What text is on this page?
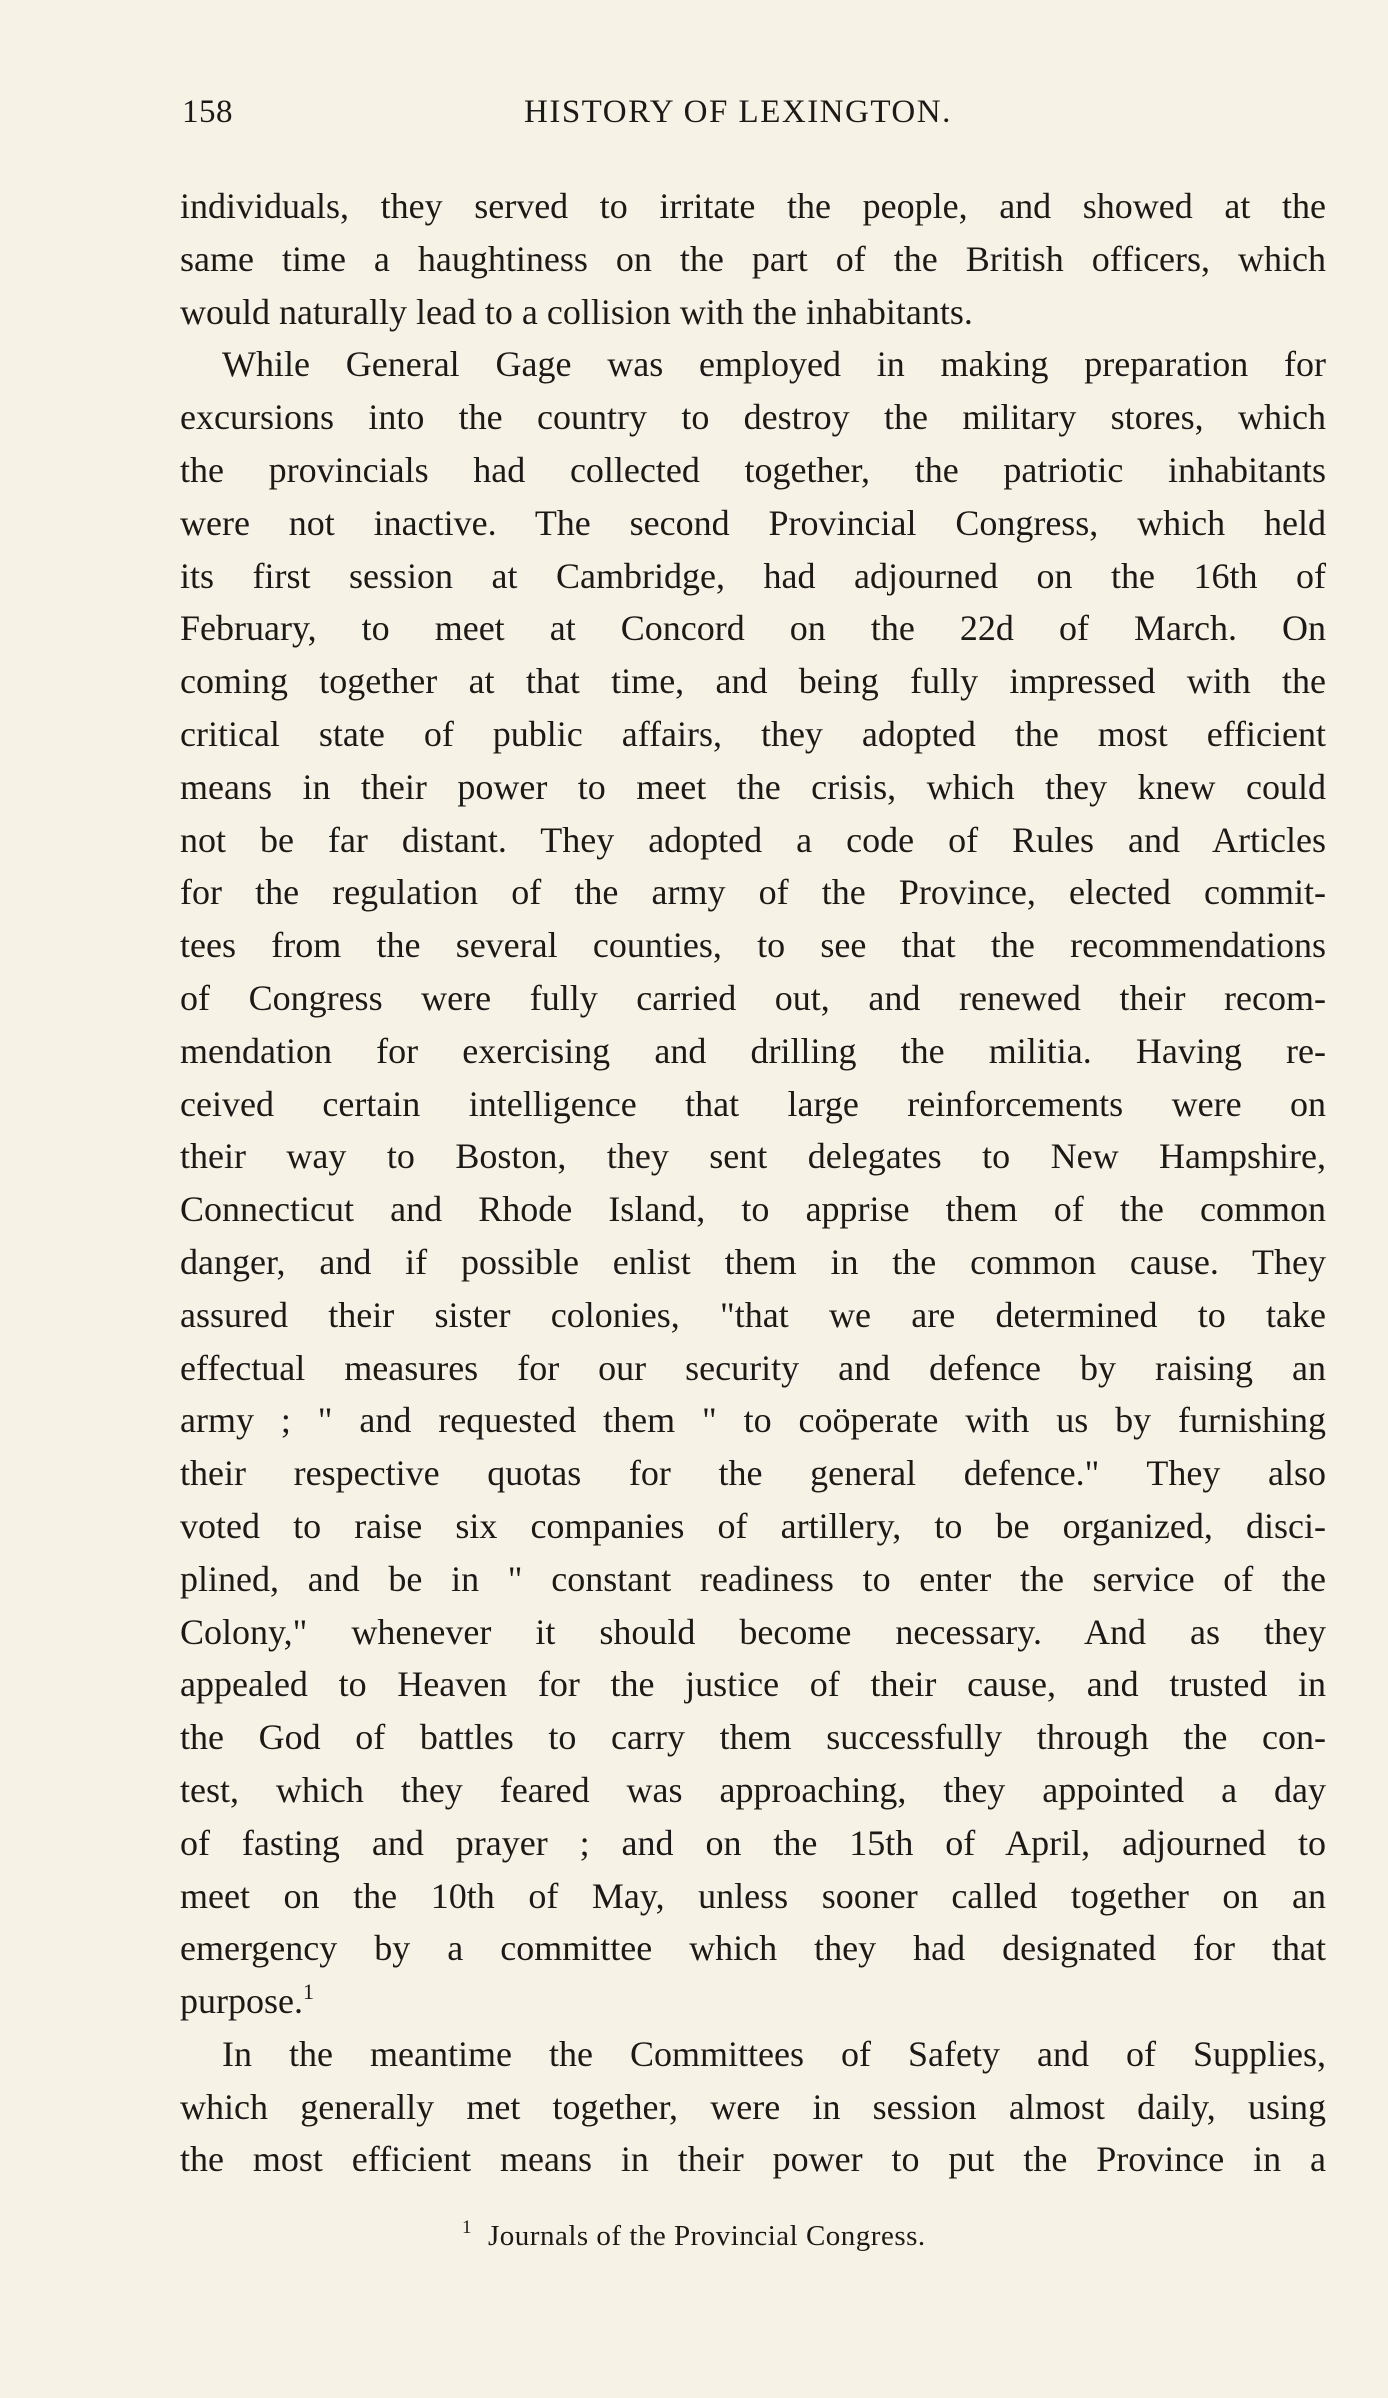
158	HISTORY OF LEXINGTON.
individuals, they served to irritate the people, and showed at the
same time a haughtiness on the part of the British officers, which
would naturally lead to a collision with the inhabitants.
While General Gage was employed in making preparation for
excursions into the country to destroy the military stores, which
the provincials had collected together, the patriotic inhabitants
were not inactive. The second Provincial Congress, which held
its first session at Cambridge, had adjourned on the 16th of
February, to meet at Concord on the 22d of March. On
coming together at that time, and being fully impressed with the
critical state of public affairs, they adopted the most efficient
means in their power to meet the crisis, which they knew could
not be far distant. They adopted a code of Rules and Articles
for the regulation of the army of the Province, elected commit-
tees from the several counties, to see that the recommendations
of Congress were fully carried out, and renewed their recom-
mendation for exercising and drilling the militia. Having re-
ceived certain intelligence that large reinforcements were on
their way to Boston, they sent delegates to New Hampshire,
Connecticut and Rhode Island, to apprise them of the common
danger, and if possible enlist them in the common cause. They
assured their sister colonies, "that we are determined to take
effectual measures for our security and defence by raising an
army ; " and requested them " to coöperate with us by furnishing
their respective quotas for the general defence." They also
voted to raise six companies of artillery, to be organized, disci-
plined, and be in " constant readiness to enter the service of the
Colony," whenever it should become necessary. And as they
appealed to Heaven for the justice of their cause, and trusted in
the God of battles to carry them successfully through the con-
test, which they feared was approaching, they appointed a day
of fasting and prayer ; and on the 15th of April, adjourned to
meet on the 10th of May, unless sooner called together on an
emergency by a committee which they had designated for that
purpose.$^1$
In the meantime the Committees of Safety and of Supplies,
which generally met together, were in session almost daily, using
the most efficient means in their power to put the Province in a
$^1$ Journals of the Provincial Congress.
